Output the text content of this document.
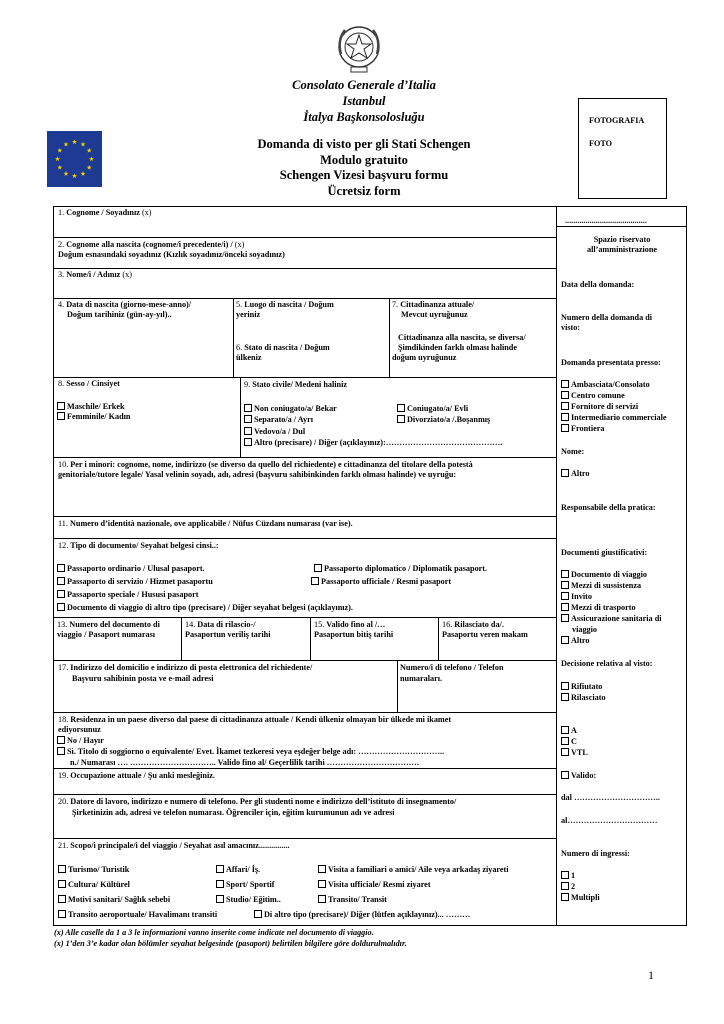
Consolato Generale d’Italia
Istanbul
İtalya Başkonsolosluğu
Domanda di visto per gli Stati Schengen
Modulo gratuito
Schengen Vizesi başvuru formu
Ücretsiz form
FOTOGRAFIA
FOTO
1. Cognome / Soyadınız (x)
2. Cognome alla nascita (cognome/i precedente/i) / (x)
Doğum esnasındaki soyadınız (Kızlık soyadınız/önceki soyadınız)
3. Nome/i / Adınız (x)
4. Data di nascita (giorno-mese-anno)/
Doğum tarihiniz (gün-ay-yıl)..
5. Luogo di nascita / Doğum
yeriniz
6. Stato di nascita / Doğum
ülkeniz
7. Cittadinanza attuale/
Mevcut uyruğunuz
Cittadinanza alla nascita, se diversa/
Şimdikinden farklı olması halinde
doğum uyruğunuz
8. Sesso / Cinsiyet
Maschile/ Erkek
Femminile/ Kadın
9. Stato civile/ Medeni haliniz
Non coniugato/a/ Bekar	Coniugato/a/ Evli
Separato/a / Ayrı	Divorziato/a /.Boşanmış
Vedovo/a / Dul
Altro (precisare) / Diğer (açıklayınız):…………………………………….
10. Per i minori: cognome, nome, indirizzo (se diverso da quello del richiedente) e cittadinanza del titolare della potestà
genitoriale/tutore legale/ Yasal velinin soyadı, adı, adresi (başvuru sahibinkinden farklı olması halinde) ve uyruğu:
11. Numero d’identità nazionale, ove applicabile / Nüfus Cüzdanı numarası (var ise).
12. Tipo di documento/ Seyahat belgesi cinsi..:
Passaporto ordinario / Ulusal pasaport.	Passaporto diplomatico / Diplomatik pasaport.
Passaporto di servizio / Hizmet pasaportu	Passaporto ufficiale / Resmi pasaport
Passaporto speciale / Hususi pasaport
Documento di viaggio di altro tipo (precisare) / Diğer seyahat belgesi (açıklayınız).
13. Numero del documento di
viaggio / Pasaport numarası
14. Data di rilascio-/
Pasaportun veriliş tarihi
15. Valido fino al /…
Pasaportun bitiş tarihi
16. Rilasciato da/.
Pasaportu veren makam
17. Indirizzo del domicilio e indirizzo di posta elettronica del richiedente/
Başvuru sahibinin posta ve e-mail adresi
Numero/i di telefono / Telefon
numaraları.
18. Residenza in un paese diverso dal paese di cittadinanza attuale / Kendi ülkeniz olmayan bir ülkede mi ikamet
ediyorsunuz
No / Hayır
Sì. Titolo di soggiorno o equivalente/ Evet. İkamet tezkeresi veya eşdeğer belge adı: …………………………..
n./ Numarası …. ………………………….. Valido fino al/ Geçerlilik tarihi …………………………….
19. Occupazione attuale / Şu anki mesleğiniz.
20. Datore di lavoro, indirizzo e numero di telefono. Per gli studenti nome e indirizzo dell’istituto di insegnamento/
Şirketinizin adı, adresi ve telefon numarası. Öğrenciler için, eğitim kurumunun adı ve adresi
21. Scopo/i principale/i del viaggio / Seyahat asıl amacınız...............
Turismo/ Turistik	Affari/ İş.	Visita a familiari o amici/ Aile veya arkadaş ziyareti
Cultura/ Kültürel	Sport/ Sportif	Visita ufficiale/ Resmi ziyaret
Motivi sanitari/ Sağlık sebebi	Studio/ Eğitim..	Transito/ Transit
Transito aeroportuale/ Havalimanı transiti	Di altro tipo (precisare)/ Diğer (lütfen açıklayınız)... ………
........................................
Spazio riservato
all’amministrazione
Data della domanda:
Numero della domanda di
visto:
Domanda presentata presso:
Ambasciata/Consolato
Centro comune
Fornitore di servizi
Intermediario commerciale
Frontiera
Nome:
Altro
Responsabile della pratica:
Documenti giustificativi:
Documento di viaggio
Mezzi di sussistenza
Invito
Mezzi di trasporto
Assicurazione sanitaria di
viaggio
Altro
Decisione relativa al visto:
Rifiutato
Rilasciato
A
C
VTL
Valido:
dal …………………………..
al……………………………
Numero di ingressi:
1
2
Multipli
(x) Alle caselle da 1 a 3 le informazioni vanno inserite come indicate nel documento di viaggio.
(x) 1’den 3’e kadar olan bölümler seyahat belgesinde (pasaport) belirtilen bilgilere göre doldurulmalıdır.
1
